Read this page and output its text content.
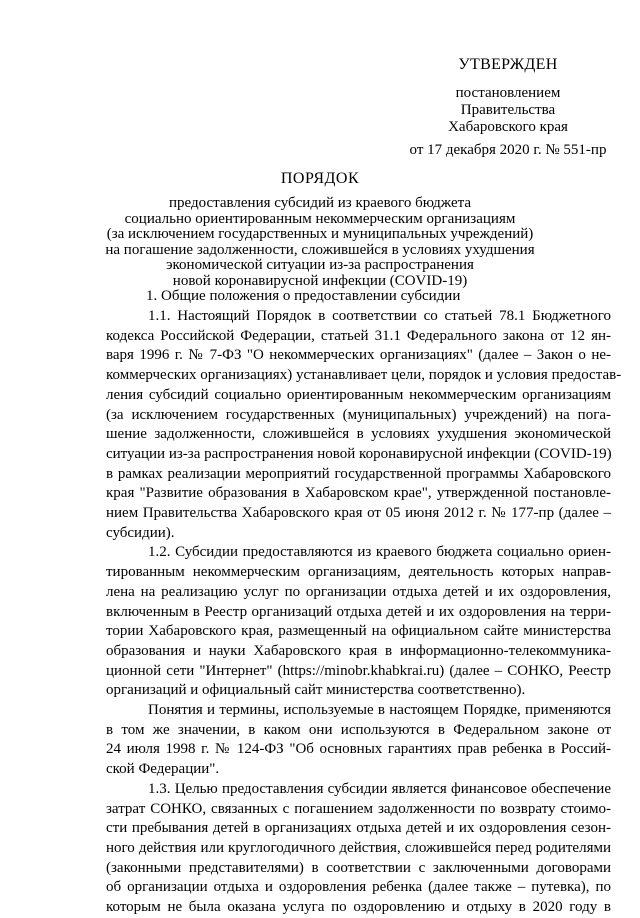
УТВЕРЖДЕН
постановлением
Правительства
Хабаровского края
от 17 декабря 2020 г. № 551-пр
ПОРЯДОК
предоставления субсидий из краевого бюджета
социально ориентированным некоммерческим организациям
(за исключением государственных и муниципальных учреждений)
на погашение задолженности, сложившейся в условиях ухудшения
экономической ситуации из-за распространения
новой коронавирусной инфекции (COVID-19)
1. Общие положения о предоставлении субсидии
1.1. Настоящий Порядок в соответствии со статьей 78.1 Бюджетного
кодекса Российской Федерации, статьей 31.1 Федерального закона от 12 ян-
варя 1996 г. № 7-ФЗ "О некоммерческих организациях" (далее – Закон о не-
коммерческих организациях) устанавливает цели, порядок и условия предостав-
ления субсидий социально ориентированным некоммерческим организациям
(за исключением государственных (муниципальных) учреждений) на пога-
шение задолженности, сложившейся в условиях ухудшения экономической
ситуации из-за распространения новой коронавирусной инфекции (COVID-19)
в рамках реализации мероприятий государственной программы Хабаровского
края "Развитие образования в Хабаровском крае", утвержденной постановле-
нием Правительства Хабаровского края от 05 июня 2012 г. № 177-пр (далее –
субсидии).
1.2. Субсидии предоставляются из краевого бюджета социально ориен-
тированным некоммерческим организациям, деятельность которых направ-
лена на реализацию услуг по организации отдыха детей и их оздоровления,
включенным в Реестр организаций отдыха детей и их оздоровления на терри-
тории Хабаровского края, размещенный на официальном сайте министерства
образования и науки Хабаровского края в информационно-телекоммуника-
ционной сети "Интернет" (https://minobr.khabkrai.ru) (далее – СОНКО, Реестр
организаций и официальный сайт министерства соответственно).
Понятия и термины, используемые в настоящем Порядке, применяются
в том же значении, в каком они используются в Федеральном законе от
24 июля 1998 г. № 124-ФЗ "Об основных гарантиях прав ребенка в Россий-
ской Федерации".
1.3. Целью предоставления субсидии является финансовое обеспечение
затрат СОНКО, связанных с погашением задолженности по возврату стоимо-
сти пребывания детей в организациях отдыха детей и их оздоровления сезон-
ного действия или круглогодичного действия, сложившейся перед родителями
(законными представителями) в соответствии с заключенными договорами
об организации отдыха и оздоровления ребенка (далее также – путевка), по
которым не была оказана услуга по оздоровлению и отдыху в 2020 году в
